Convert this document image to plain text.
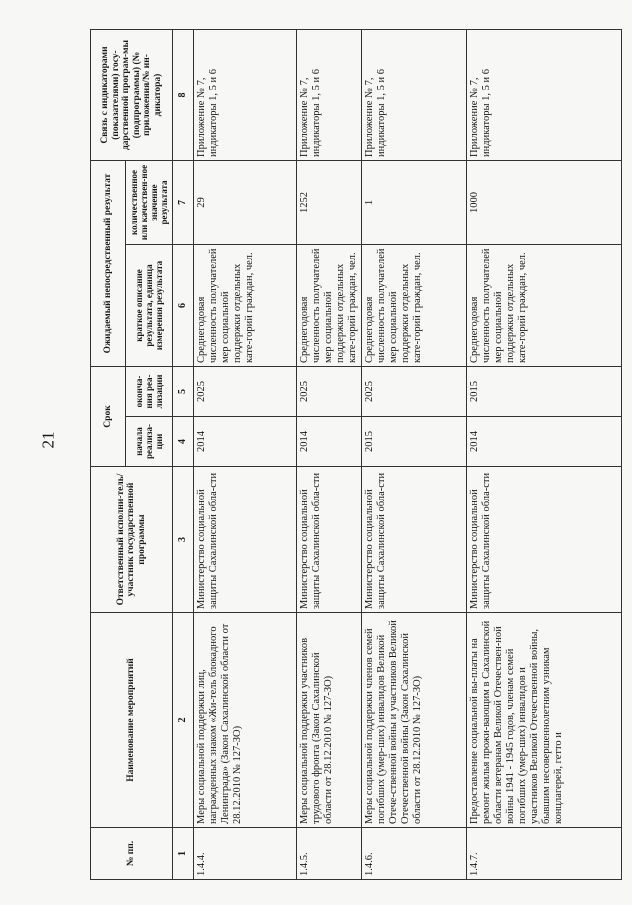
21
№ пп.	Наименование мероприятий	Ответственный исполни-тель/участник государственной программы	Срок		Ожидаемый непосредственный результат		Связь с индикаторами (показателями) госу-дарственной програм-мы (подпрограммы) (№ приложения/№ ин-дикатора)
			начала реализа-ции	оконча-ния реа-лизации	краткое описание результата, единица измерения результата	количественное или качествен-ное значение результата	
1	2	3	4	5	6	7	8
1.4.4.	Меры социальной поддержки лиц, награжденных знаком «Жи-тель блокадного Ленинграда» (Закон Сахалинской области от 28.12.2010 № 127-ЗО)	Министерство социальной защиты Сахалинской обла-сти	2014	2025	Среднегодовая численность получателей мер социальной поддержки отдельных кате-горий граждан, чел.	29	Приложение № 7, индикаторы 1, 5 и 6
1.4.5.	Меры социальной поддержки участников трудового фронта (Закон Сахалинской области от 28.12.2010 № 127-ЗО)	Министерство социальной защиты Сахалинской обла-сти	2014	2025	Среднегодовая численность получателей мер социальной поддержки отдельных кате-горий граждан, чел.	1252	Приложение № 7, индикаторы 1, 5 и 6
1.4.6.	Меры социальной поддержки членов семей погибших (умер-ших) инвалидов Великой Отече-ственной войны и участников Великой Отечественной войны (Закон Сахалинской области от 28.12.2010 № 127-ЗО)	Министерство социальной защиты Сахалинской обла-сти	2015	2025	Среднегодовая численность получателей мер социальной поддержки отдельных кате-горий граждан, чел.	1	Приложение № 7, индикаторы 1, 5 и 6
1.4.7.	Предоставление социальной вы-платы на ремонт жилья прожи-вающим в Сахалинской области ветеранам Великой Отечествен-ной войны 1941 - 1945 годов, членам семей погибших (умер-ших) инвалидов и участников Великой Отечественной войны, бывшим несовершеннолетним узникам концлагерей, гетто и	Министерство социальной защиты Сахалинской обла-сти	2014	2015	Среднегодовая численность получателей мер социальной поддержки отдельных кате-горий граждан, чел.	1000	Приложение № 7, индикаторы 1, 5 и 6
